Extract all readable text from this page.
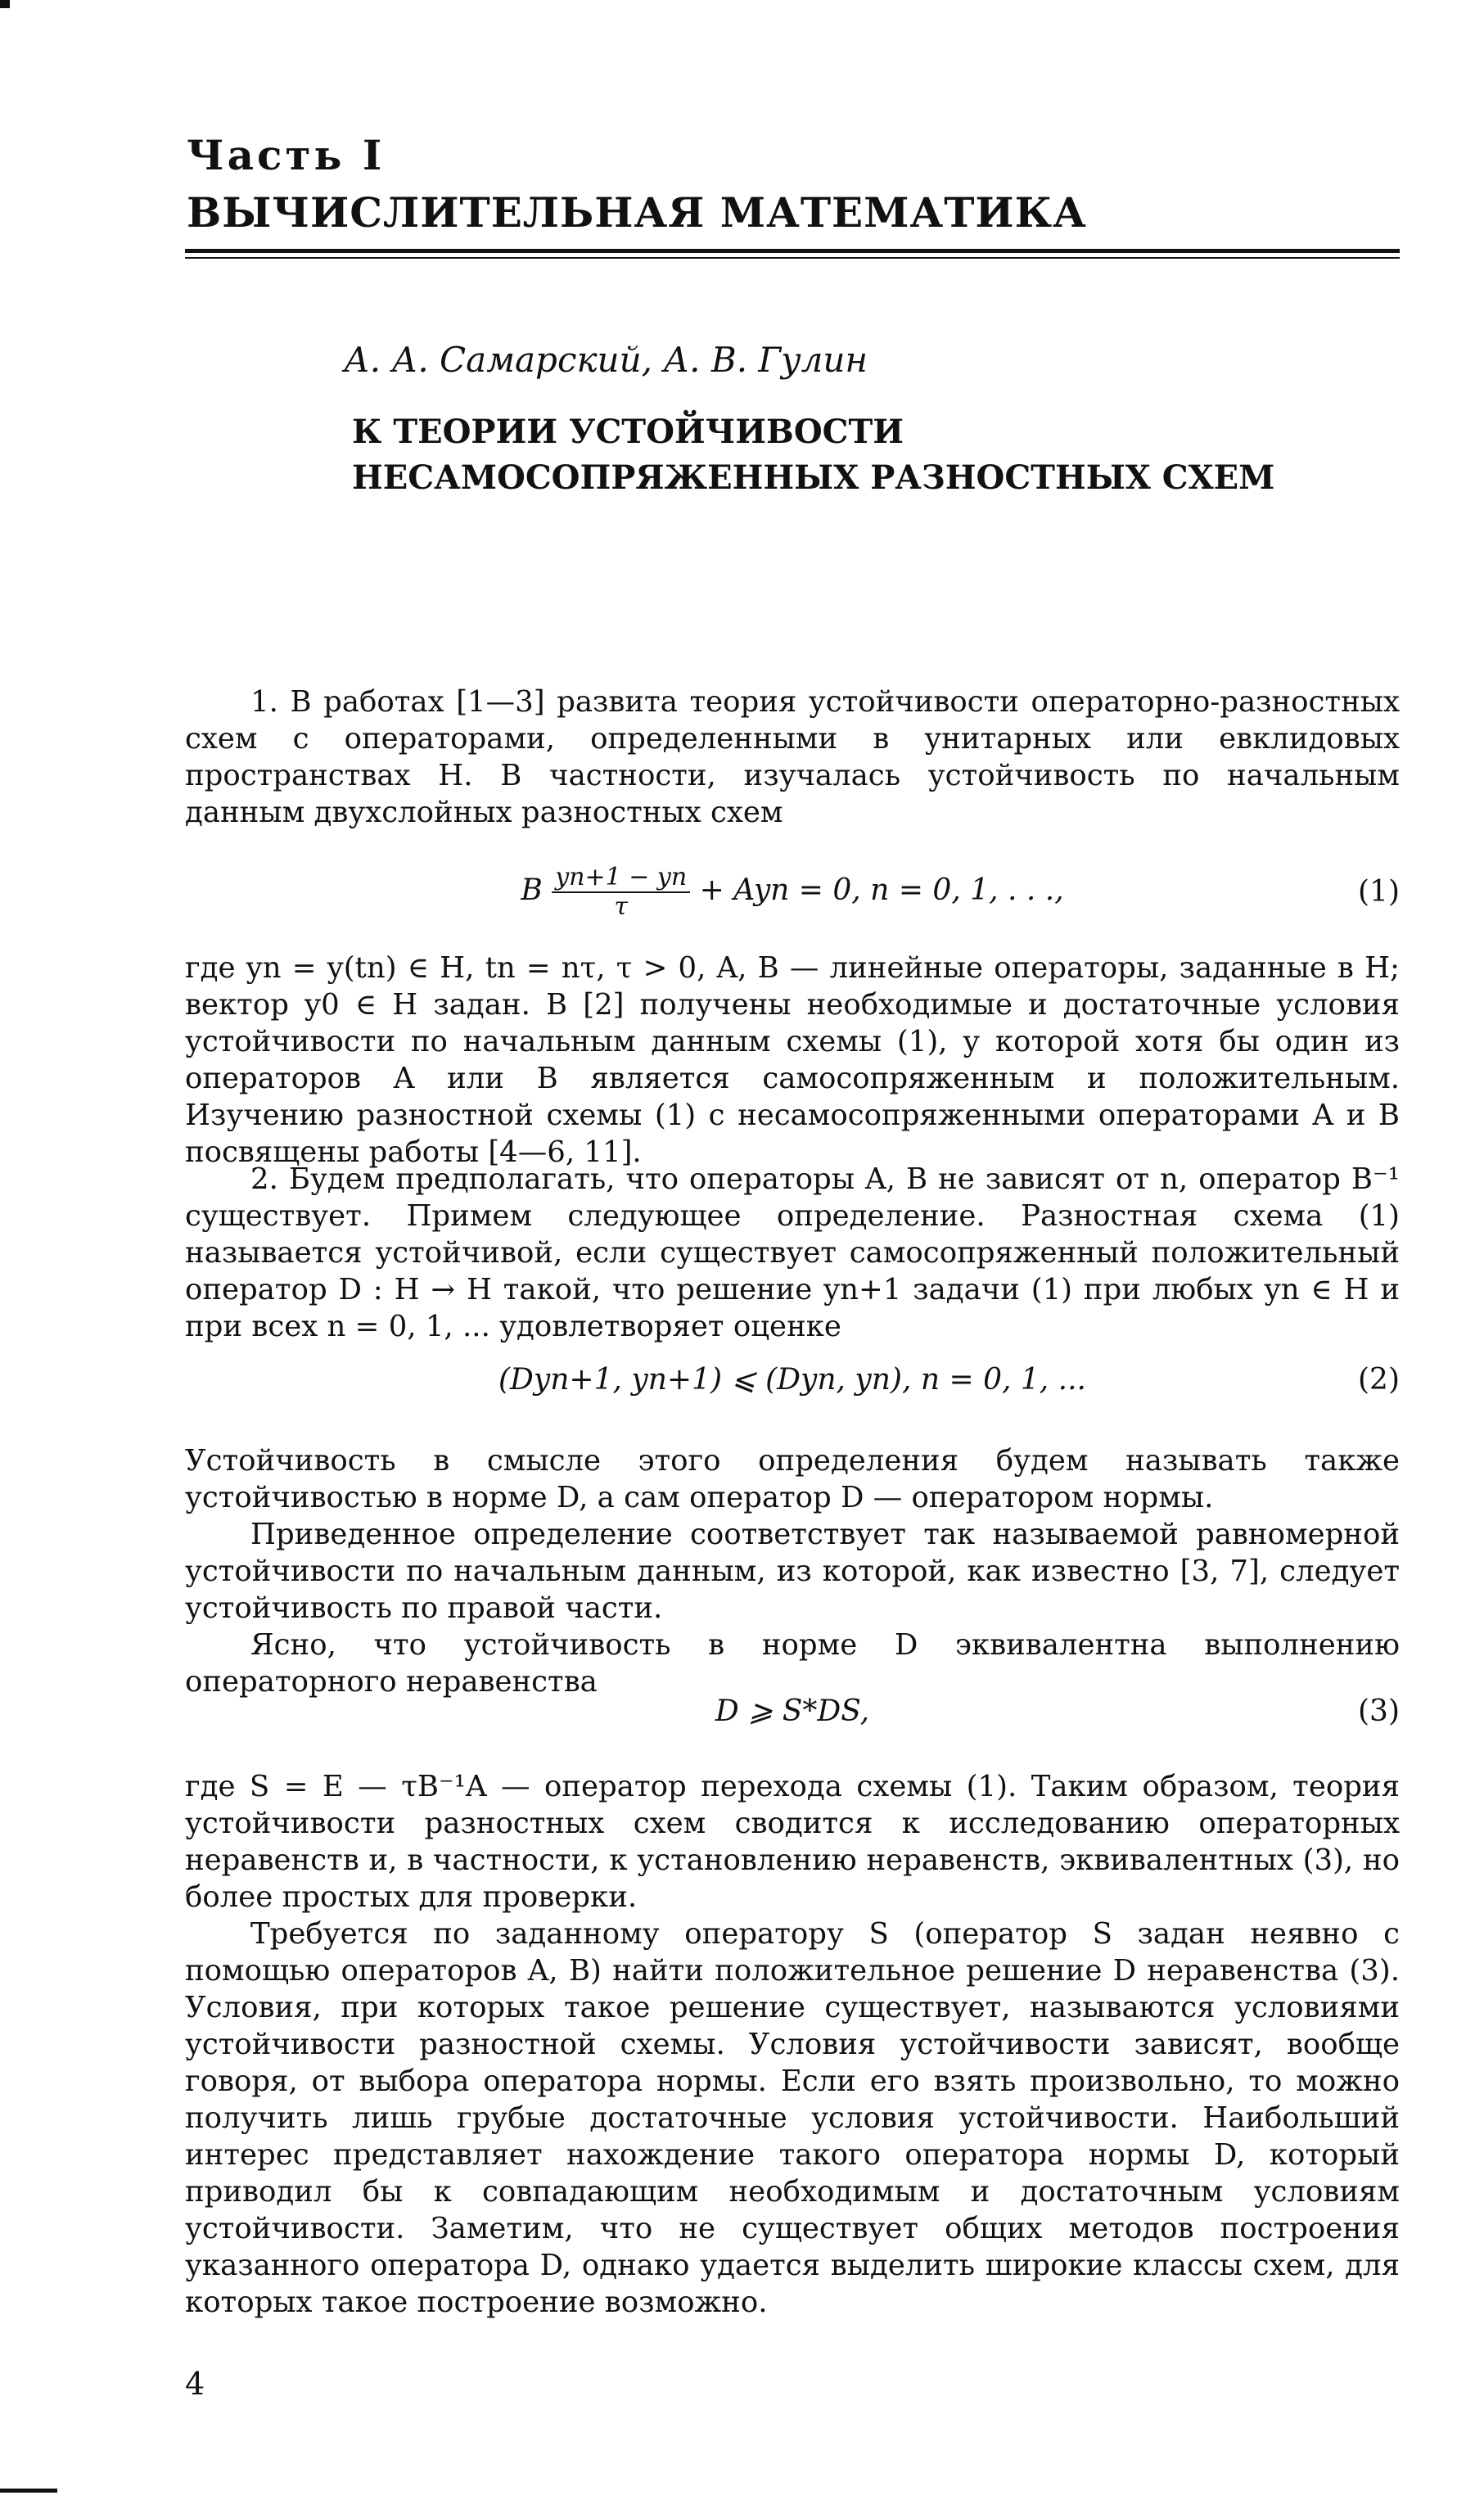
Часть I
ВЫЧИСЛИТЕЛЬНАЯ МАТЕМАТИКА
А. А. Самарский, А. В. Гулин
К ТЕОРИИ УСТОЙЧИВОСТИ
НЕСАМОСОПРЯЖЕННЫХ РАЗНОСТНЫХ СХЕМ
1. В работах [1—3] развита теория устойчивости операторно-разностных схем с операторами, определенными в унитарных или евклидовых пространствах H. В частности, изучалась устойчивость по начальным данным двухслойных разностных схем
B $\frac{yn+1 - yn}{\tau}$ + Ayn = 0, n = 0, 1, . . .,	(1)
где yn = y(tn) ∈ H, tn = nτ, τ > 0, A, B — линейные операторы, заданные в H; вектор y0 ∈ H задан. В [2] получены необходимые и достаточные условия устойчивости по начальным данным схемы (1), у которой хотя бы один из операторов A или B является самосопряженным и положительным. Изучению разностной схемы (1) с несамосопряженными операторами A и B посвящены работы [4—6, 11].
2. Будем предполагать, что операторы A, B не зависят от n, оператор B⁻¹ существует. Примем следующее определение. Разностная схема (1) называется устойчивой, если существует самосопряженный положительный оператор D : H → H такой, что решение yn+1 задачи (1) при любых yn ∈ H и при всех n = 0, 1, ... удовлетворяет оценке
(Dyn+1, yn+1) ⩽ (Dyn, yn), n = 0, 1, ...	(2)
Устойчивость в смысле этого определения будем называть также устойчивостью в норме D, а сам оператор D — оператором нормы.
Приведенное определение соответствует так называемой равномерной устойчивости по начальным данным, из которой, как известно [3, 7], следует устойчивость по правой части.
Ясно, что устойчивость в норме D эквивалентна выполнению операторного неравенства
D ⩾ S*DS,	(3)
где S = E — τB⁻¹A — оператор перехода схемы (1). Таким образом, теория устойчивости разностных схем сводится к исследованию операторных неравенств и, в частности, к установлению неравенств, эквивалентных (3), но более простых для проверки.
Требуется по заданному оператору S (оператор S задан неявно с помощью операторов A, B) найти положительное решение D неравенства (3). Условия, при которых такое решение существует, называются условиями устойчивости разностной схемы. Условия устойчивости зависят, вообще говоря, от выбора оператора нормы. Если его взять произвольно, то можно получить лишь грубые достаточные условия устойчивости. Наибольший интерес представляет нахождение такого оператора нормы D, который приводил бы к совпадающим необходимым и достаточным условиям устойчивости. Заметим, что не существует общих методов построения указанного оператора D, однако удается выделить широкие классы схем, для которых такое построение возможно.
4
